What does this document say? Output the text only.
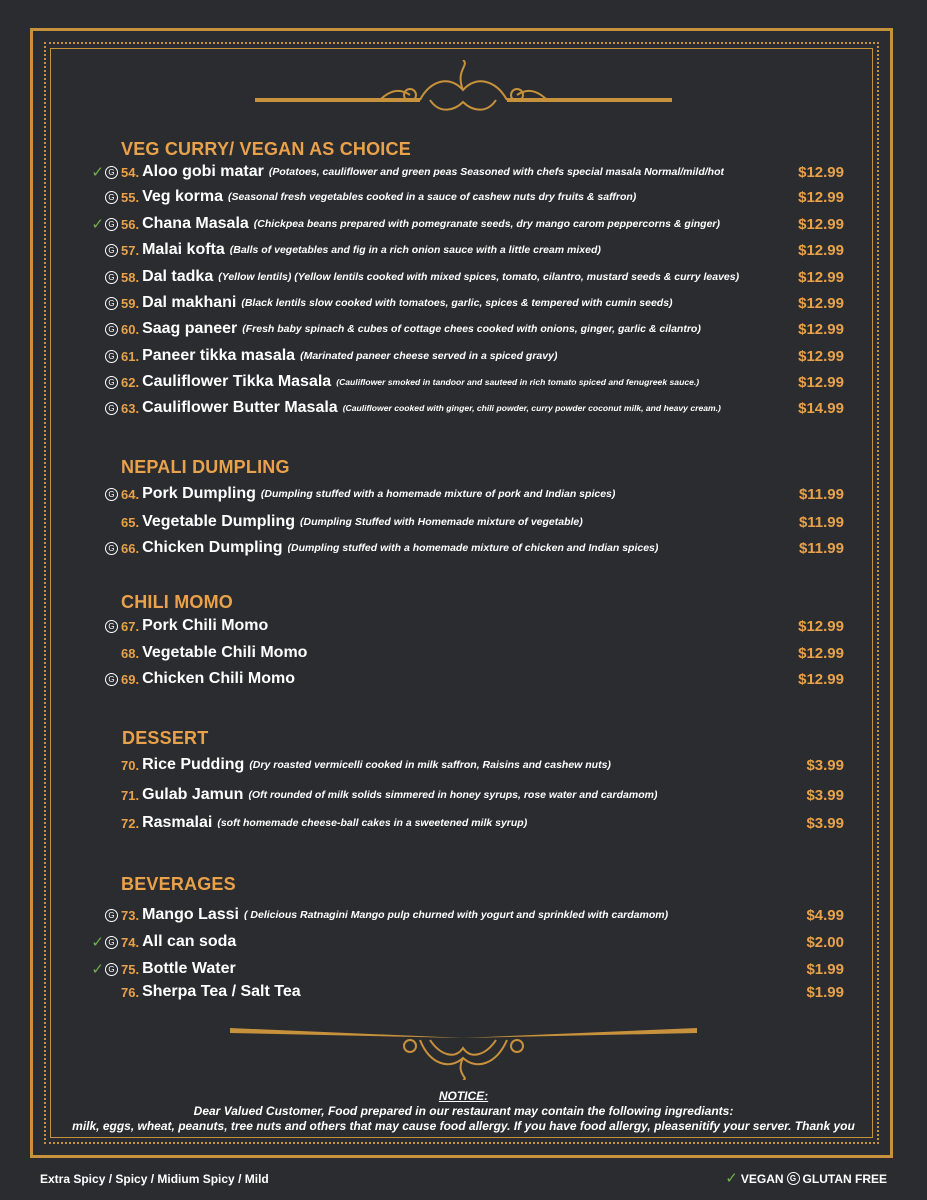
VEG CURRY/ VEGAN AS CHOICE
NEPALI DUMPLING
CHILI MOMO
DESSERT
BEVERAGES
✓ G 54. Aloo gobi matar (Potatoes, cauliflower and green peas Seasoned with chefs special masala Normal/mild/hot	$12.99
G 55. Veg korma (Seasonal fresh vegetables cooked in a sauce of cashew nuts dry fruits & saffron)	$12.99
✓ G 56. Chana Masala (Chickpea beans prepared with pomegranate seeds, dry mango carom peppercorns & ginger)	$12.99
G 57. Malai kofta (Balls of vegetables and fig in a rich onion sauce with a little cream mixed)	$12.99
G 58. Dal tadka (Yellow lentils) (Yellow lentils cooked with mixed spices, tomato, cilantro, mustard seeds & curry leaves)	$12.99
G 59. Dal makhani (Black lentils slow cooked with tomatoes, garlic, spices & tempered with cumin seeds)	$12.99
G 60. Saag paneer (Fresh baby spinach & cubes of cottage chees cooked with onions, ginger, garlic & cilantro)	$12.99
G 61. Paneer tikka masala (Marinated paneer cheese served in a spiced gravy)	$12.99
G 62. Cauliflower Tikka Masala (Cauliflower smoked in tandoor and sauteed in rich tomato spiced and fenugreek sauce.)	$12.99
G 63. Cauliflower Butter Masala (Cauliflower cooked with ginger, chili powder, curry powder coconut milk, and heavy cream.)	$14.99
G 64. Pork Dumpling (Dumpling stuffed with a homemade mixture of pork and Indian spices)	$11.99
65. Vegetable Dumpling (Dumpling Stuffed with Homemade mixture of vegetable)	$11.99
G 66. Chicken Dumpling (Dumpling stuffed with a homemade mixture of chicken and Indian spices)	$11.99
G 67. Pork Chili Momo	$12.99
68. Vegetable Chili Momo	$12.99
G 69. Chicken Chili Momo	$12.99
70. Rice Pudding (Dry roasted vermicelli cooked in milk saffron, Raisins and cashew nuts)	$3.99
71. Gulab Jamun (Oft rounded of milk solids simmered in honey syrups, rose water and cardamom)	$3.99
72. Rasmalai (soft homemade cheese-ball cakes in a sweetened milk syrup)	$3.99
G 73. Mango Lassi ( Delicious Ratnagini Mango pulp churned with yogurt and sprinkled with cardamom)	$4.99
✓ G 74. All can soda	$2.00
✓ G 75. Bottle Water	$1.99
76. Sherpa Tea / Salt Tea	$1.99
NOTICE:
Dear Valued Customer, Food prepared in our restaurant may contain the following ingrediants:
milk, eggs, wheat, peanuts, tree nuts and others that may cause food allergy. If you have food allergy, pleasenitify your server. Thank you
Extra Spicy / Spicy / Midium Spicy / Mild	✓ VEGAN G GLUTAN FREE
